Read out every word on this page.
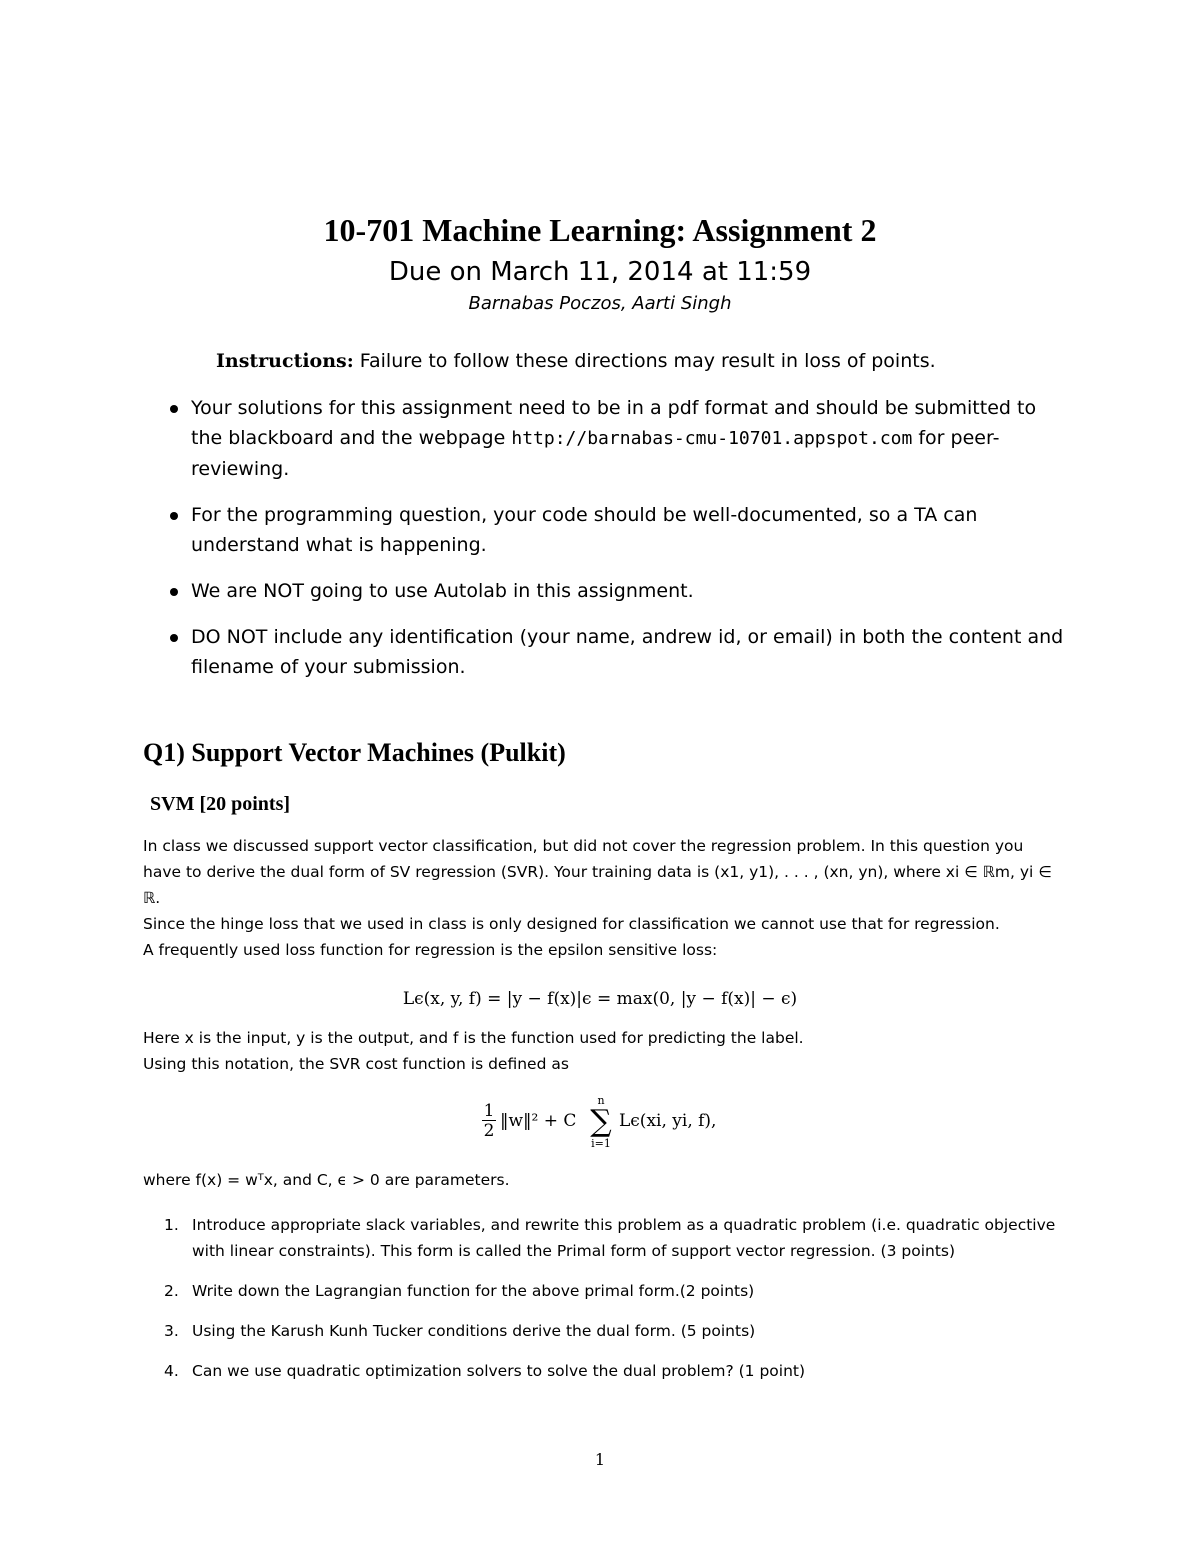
10-701 Machine Learning: Assignment 2
Due on March 11, 2014 at 11:59
Barnabas Poczos, Aarti Singh
Instructions: Failure to follow these directions may result in loss of points.
Your solutions for this assignment need to be in a pdf format and should be submitted to the blackboard and the webpage http://barnabas-cmu-10701.appspot.com for peer-reviewing.
For the programming question, your code should be well-documented, so a TA can understand what is happening.
We are NOT going to use Autolab in this assignment.
DO NOT include any identification (your name, andrew id, or email) in both the content and filename of your submission.
Q1) Support Vector Machines (Pulkit)
SVM [20 points]
In class we discussed support vector classification, but did not cover the regression problem. In this question you have to derive the dual form of SV regression (SVR). Your training data is (x1, y1), . . . , (xn, yn), where xi ∈ ℝm, yi ∈ ℝ.
Since the hinge loss that we used in class is only designed for classification we cannot use that for regression.
A frequently used loss function for regression is the epsilon sensitive loss:
Lϵ(x, y, f) = |y − f(x)|ϵ = max(0, |y − f(x)| − ϵ)
Here x is the input, y is the output, and f is the function used for predicting the label.
Using this notation, the SVR cost function is defined as
1
2 ‖w‖² + C
n
∑
i=1
Lϵ(xi, yi, f),
where f(x) = wᵀx, and C, ϵ > 0 are parameters.
1. Introduce appropriate slack variables, and rewrite this problem as a quadratic problem (i.e. quadratic objective with linear constraints). This form is called the Primal form of support vector regression. (3 points)
2. Write down the Lagrangian function for the above primal form.(2 points)
3. Using the Karush Kunh Tucker conditions derive the dual form. (5 points)
4. Can we use quadratic optimization solvers to solve the dual problem? (1 point)
1
